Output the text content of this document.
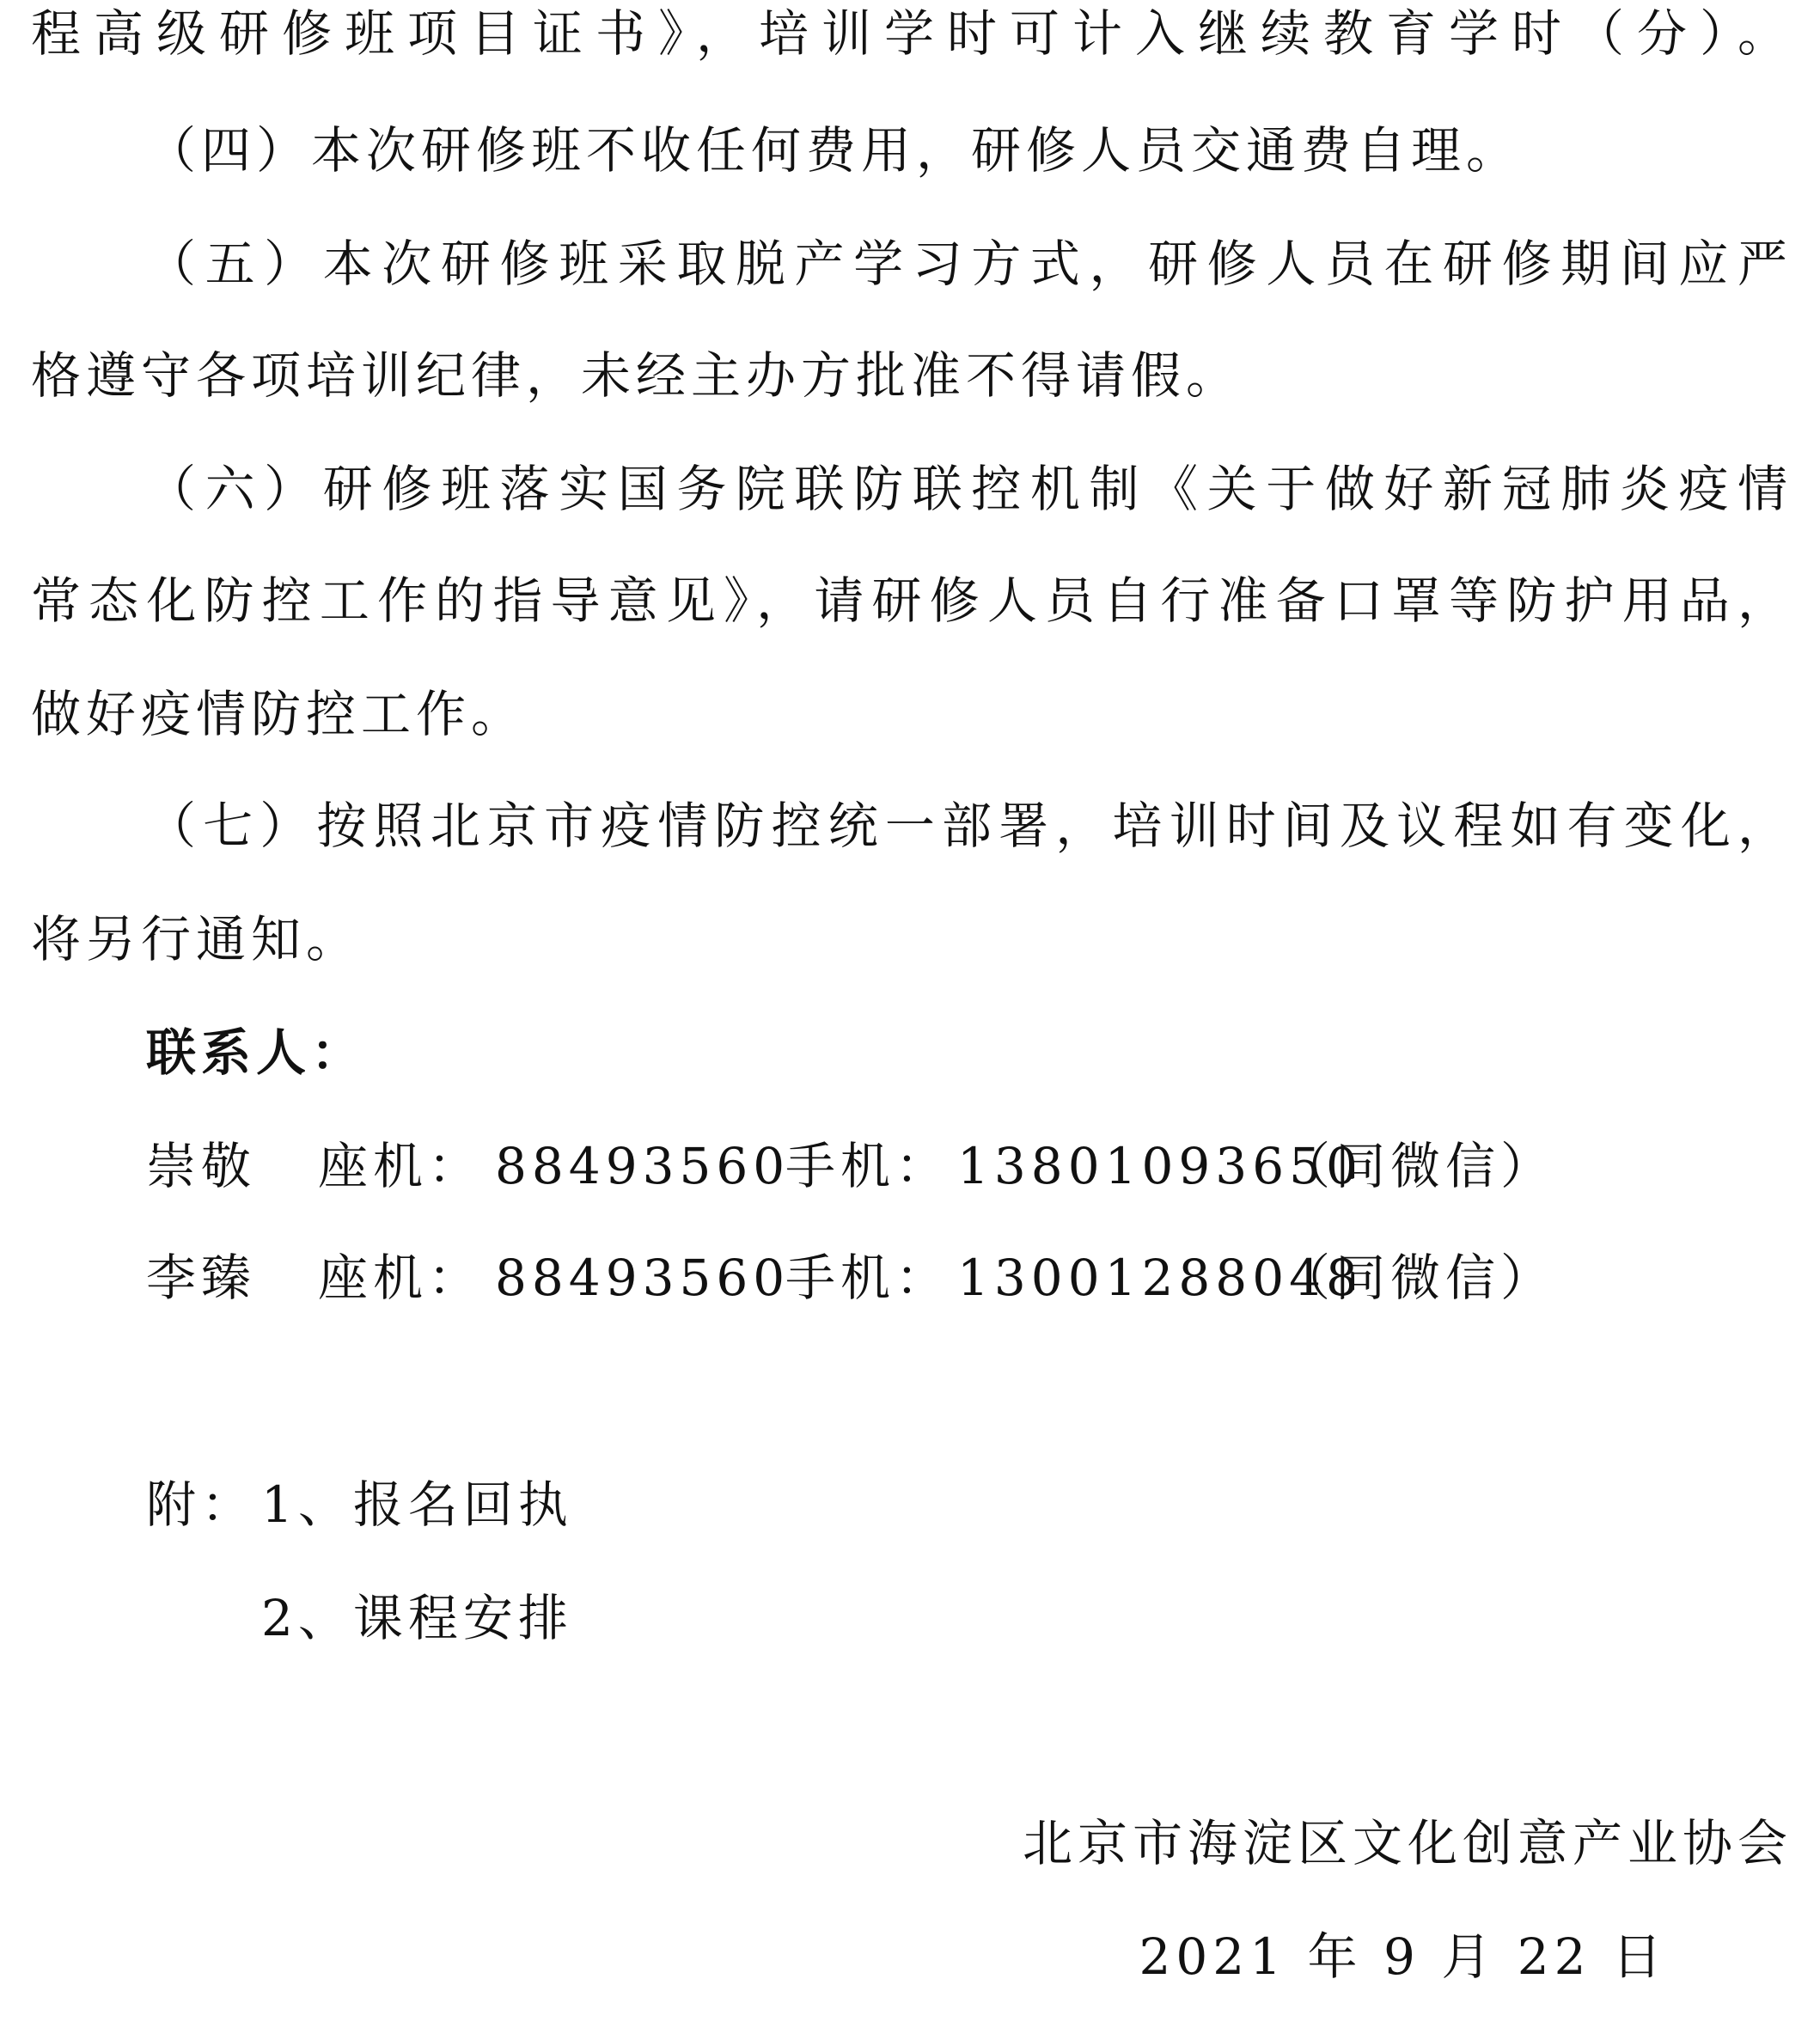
程高级研修班项目证书》，培训学时可计入继续教育学时（分）。
（四）本次研修班不收任何费用，研修人员交通费自理。
（五）本次研修班采取脱产学习方式，研修人员在研修期间应严
格遵守各项培训纪律，未经主办方批准不得请假。
（六）研修班落实国务院联防联控机制《关于做好新冠肺炎疫情
常态化防控工作的指导意见》，请研修人员自行准备口罩等防护用品，
做好疫情防控工作。
（七）按照北京市疫情防控统一部署，培训时间及议程如有变化，
将另行通知。
联系人：
崇敬	座机： 88493560
手机： 13801093650
（同微信）
李臻	座机： 88493560
手机： 13001288048
（同微信）
附： 1、报名回执
2、课程安排
北京市海淀区文化创意产业协会
2021 年 9 月 22 日
